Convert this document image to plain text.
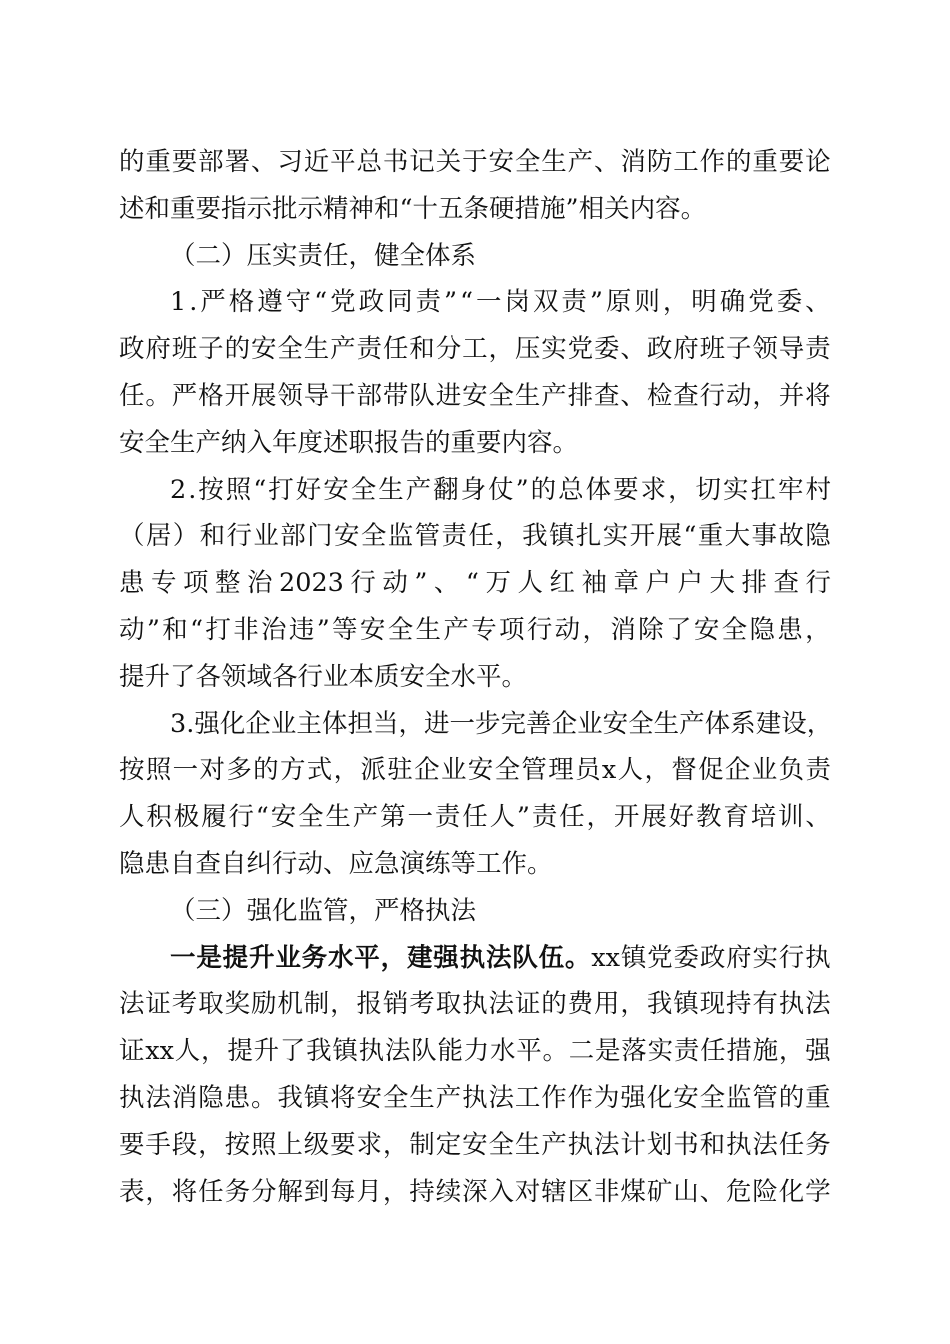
的 重 要 部 署 、 习 近 平 总 书 记 关 于 安 全 生 产 、 消 防 工 作 的 重 要 论
述和重要指示批示精神和“十五条硬措施”相关内容。
（二）压实责任，健全体系
1 . 严 格 遵 守 “ 党 政 同 责 ” “ 一 岗 双 责 ” 原 则 ， 明 确 党 委 、
政 府 班 子 的 安 全 生 产 责 任 和 分 工 ， 压 实 党 委 、 政 府 班 子 领 导 责
任 。 严 格 开 展 领 导 干 部 带 队 进 安 全 生 产 排 查 、 检 查 行 动 ， 并 将
安全生产纳入年度述职报告的重要内容。
2 . 按 照 “ 打 好 安 全 生 产 翻 身 仗 ” 的 总 体 要 求 ， 切 实 扛 牢 村
（ 居 ） 和 行 业 部 门 安 全 监 管 责 任 ， 我 镇 扎 实 开 展 “ 重 大 事 故 隐
患 专 项 整 治 2023 行 动 ” 、 “ 万 人 红 袖 章 户 户 大 排 查 行
动 ” 和 “ 打 非 治 违 ” 等 安 全 生 产 专 项 行 动 ， 消 除 了 安 全 隐 患 ，
提升了各领域各行业本质安全水平。
3 . 强 化 企 业 主 体 担 当 ， 进 一 步 完 善 企 业 安 全 生 产 体 系 建 设 ，
按 照 一 对 多 的 方 式 ， 派 驻 企 业 安 全 管 理 员 x 人 ， 督 促 企 业 负 责
人 积 极 履 行 “ 安 全 生 产 第 一 责 任 人 ” 责 任 ， 开 展 好 教 育 培 训 、
隐患自查自纠行动、应急演练等工作。
（三）强化监管，严格执法
一 是 提 升 业 务 水 平 ， 建 强 执 法 队 伍 。 xx 镇 党 委 政 府 实 行 执
法 证 考 取 奖 励 机 制 ， 报 销 考 取 执 法 证 的 费 用 ， 我 镇 现 持 有 执 法
证 xx 人 ， 提 升 了 我 镇 执 法 队 能 力 水 平 。 二 是 落 实 责 任 措 施 ， 强
执 法 消 隐 患 。 我 镇 将 安 全 生 产 执 法 工 作 作 为 强 化 安 全 监 管 的 重
要 手 段 ， 按 照 上 级 要 求 ， 制 定 安 全 生 产 执 法 计 划 书 和 执 法 任 务
表 ， 将 任 务 分 解 到 每 月 ， 持 续 深 入 对 辖 区 非 煤 矿 山 、 危 险 化 学
